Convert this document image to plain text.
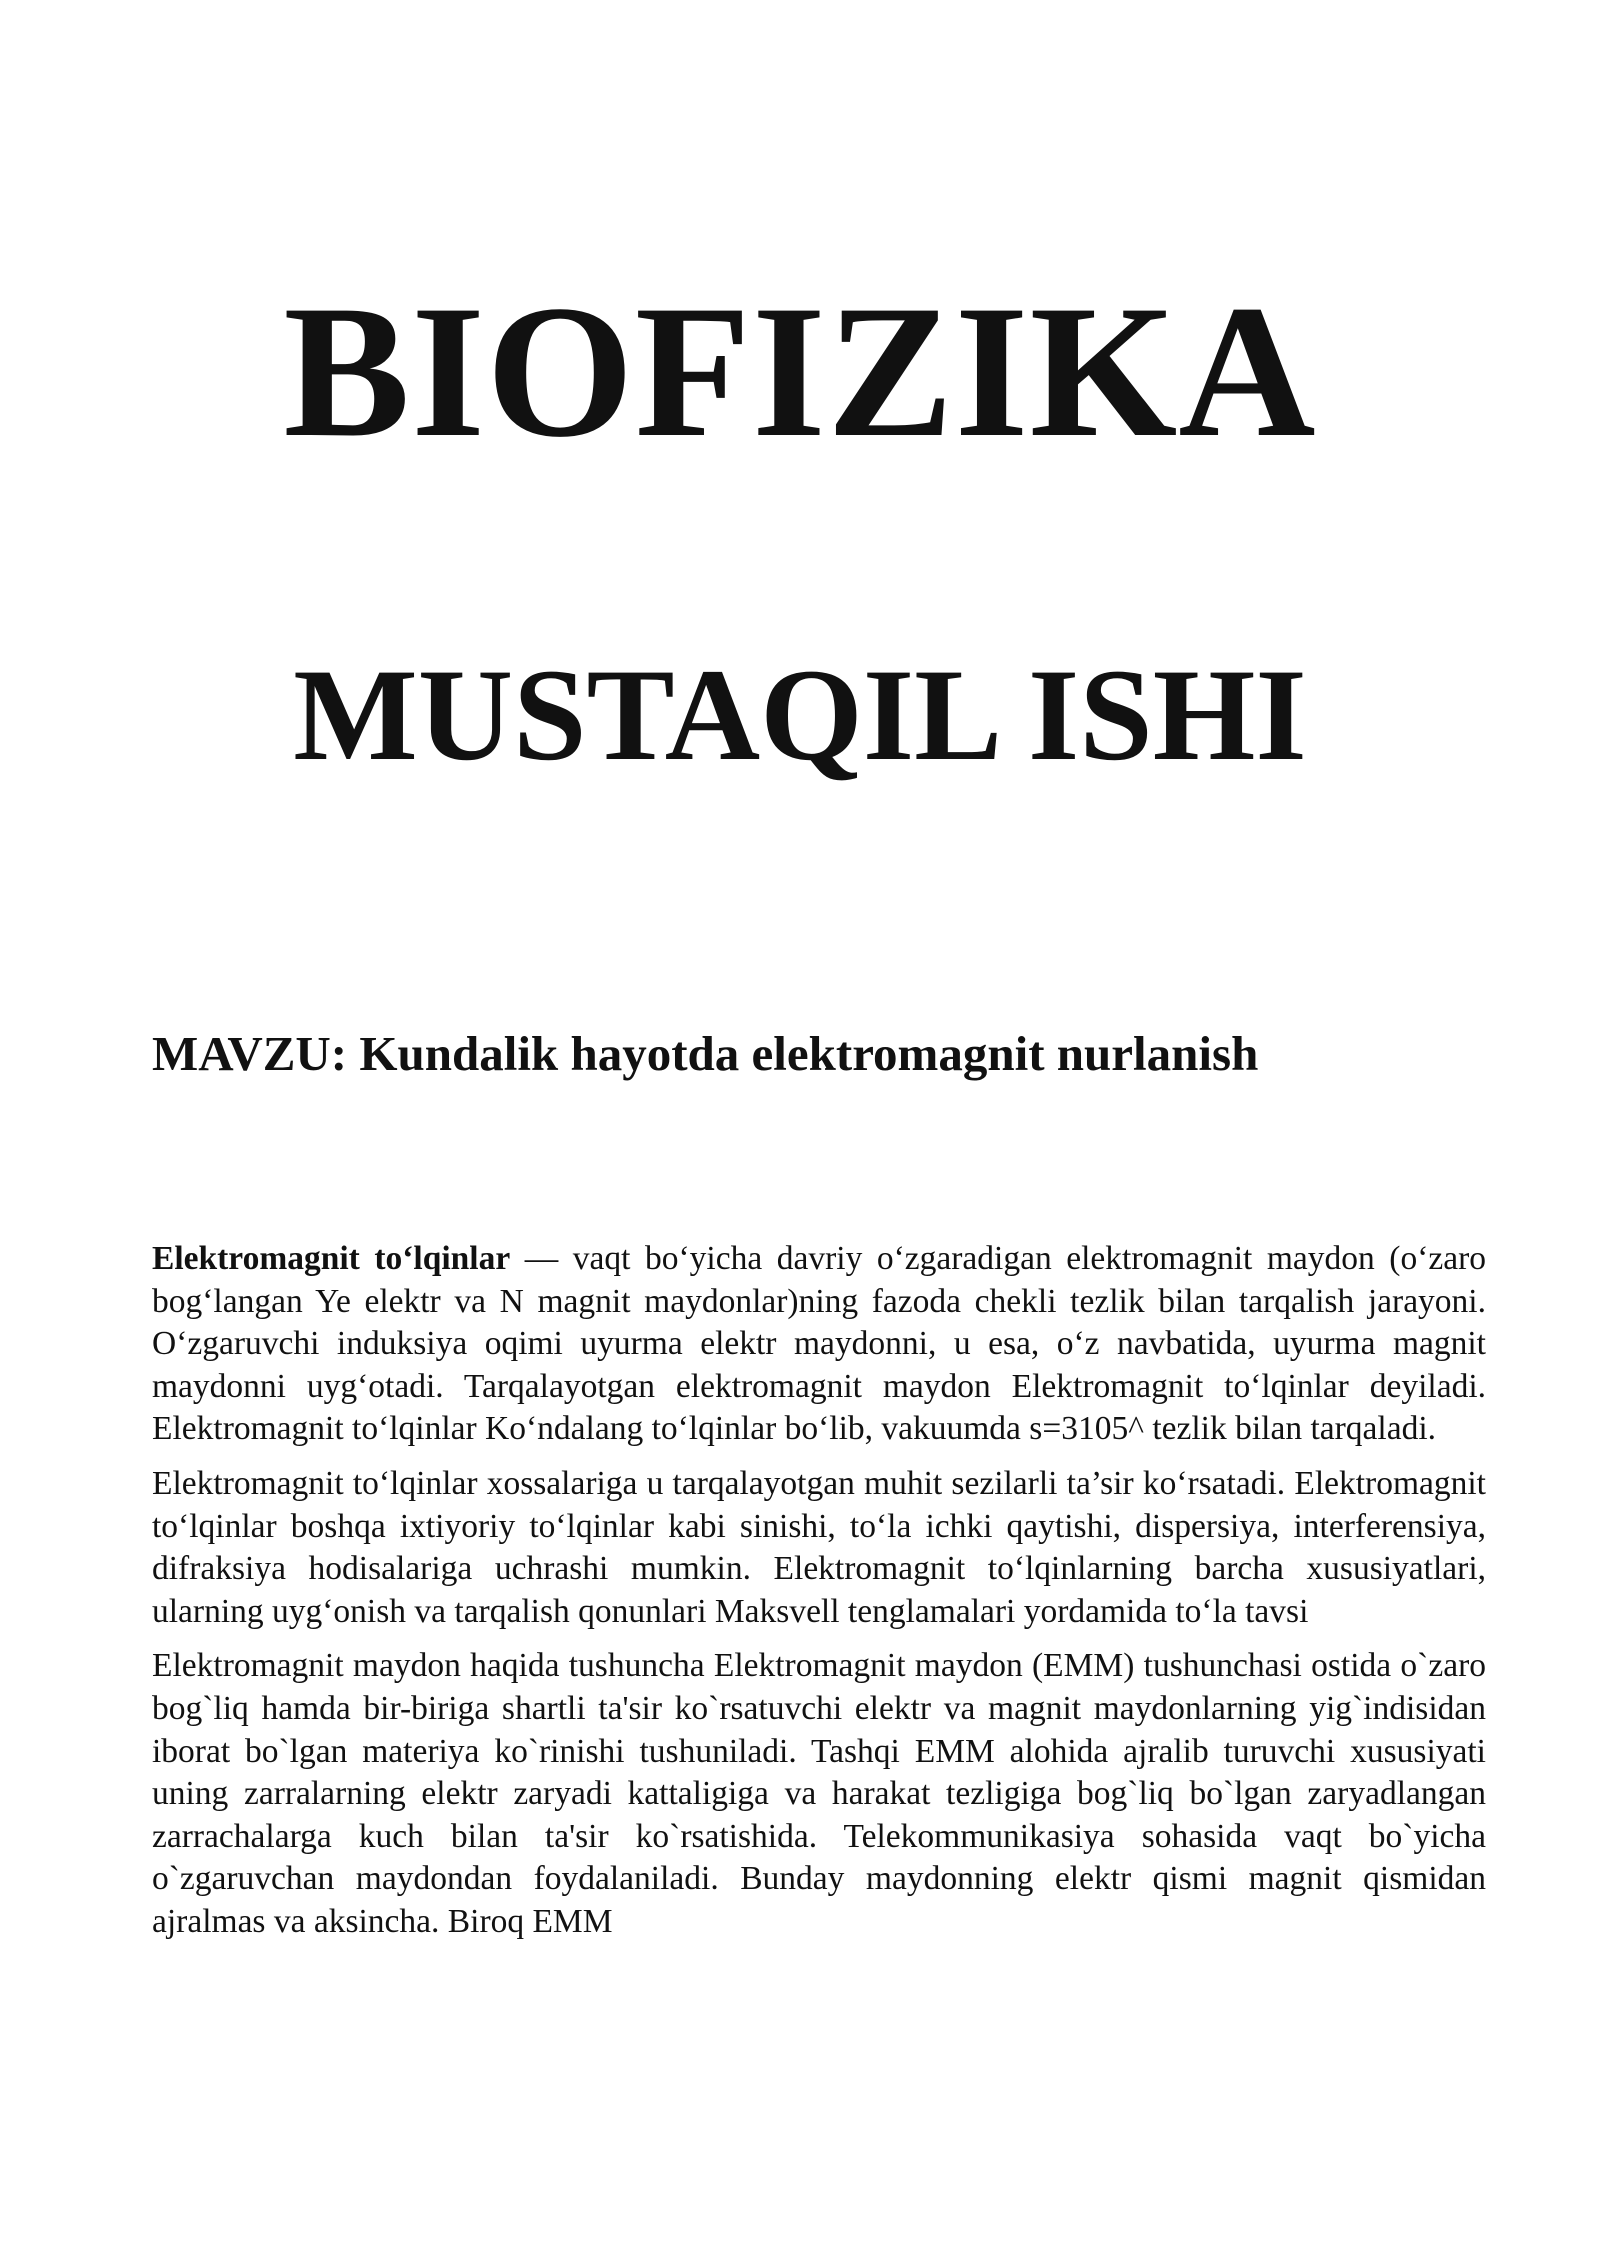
BIOFIZIKA
MUSTAQIL ISHI
MAVZU: Kundalik hayotda elektromagnit nurlanish

Elektromagnit to‘lqinlar — vaqt bo‘yicha davriy o‘zgaradigan elektromagnit maydon (o‘zaro bog‘langan Ye elektr va N magnit maydonlar)ning fazoda chekli tezlik bilan tarqalish jarayoni. O‘zgaruvchi induksiya oqimi uyurma elektr maydonni, u esa, o‘z navbatida, uyurma magnit maydonni uyg‘otadi. Tarqalayotgan elektromagnit maydon Elektromagnit to‘lqinlar deyiladi. Elektromagnit to‘lqinlar Ko‘ndalang to‘lqinlar bo‘lib, vakuumda s=3105^ tezlik bilan tarqaladi.

Elektromagnit to‘lqinlar xossalariga u tarqalayotgan muhit sezilarli ta’sir ko‘rsatadi. Elektromagnit to‘lqinlar boshqa ixtiyoriy to‘lqinlar kabi sinishi, to‘la ichki qaytishi, dispersiya, interferensiya, difraksiya hodisalariga uchrashi mumkin. Elektromagnit to‘lqinlarning barcha xususiyatlari, ularning uyg‘onish va tarqalish qonunlari Maksvell tenglamalari yordamida to‘la tavsi

Elektromagnit maydon haqida tushuncha Elektromagnit maydon (EMM) tushunchasi ostida o`zaro bog`liq hamda bir-biriga shartli ta'sir ko`rsatuvchi elektr va magnit maydonlarning yig`indisidan iborat bo`lgan materiya ko`rinishi tushuniladi. Tashqi EMM alohida ajralib turuvchi xususiyati uning zarralarning elektr zaryadi kattaligiga va harakat tezligiga bog`liq bo`lgan zaryadlangan zarrachalarga kuch bilan ta'sir ko`rsatishida. Telekommunikasiya sohasida vaqt bo`yicha o`zgaruvchan maydondan foydalaniladi. Bunday maydonning elektr qismi magnit qismidan ajralmas va aksincha. Biroq EMM
